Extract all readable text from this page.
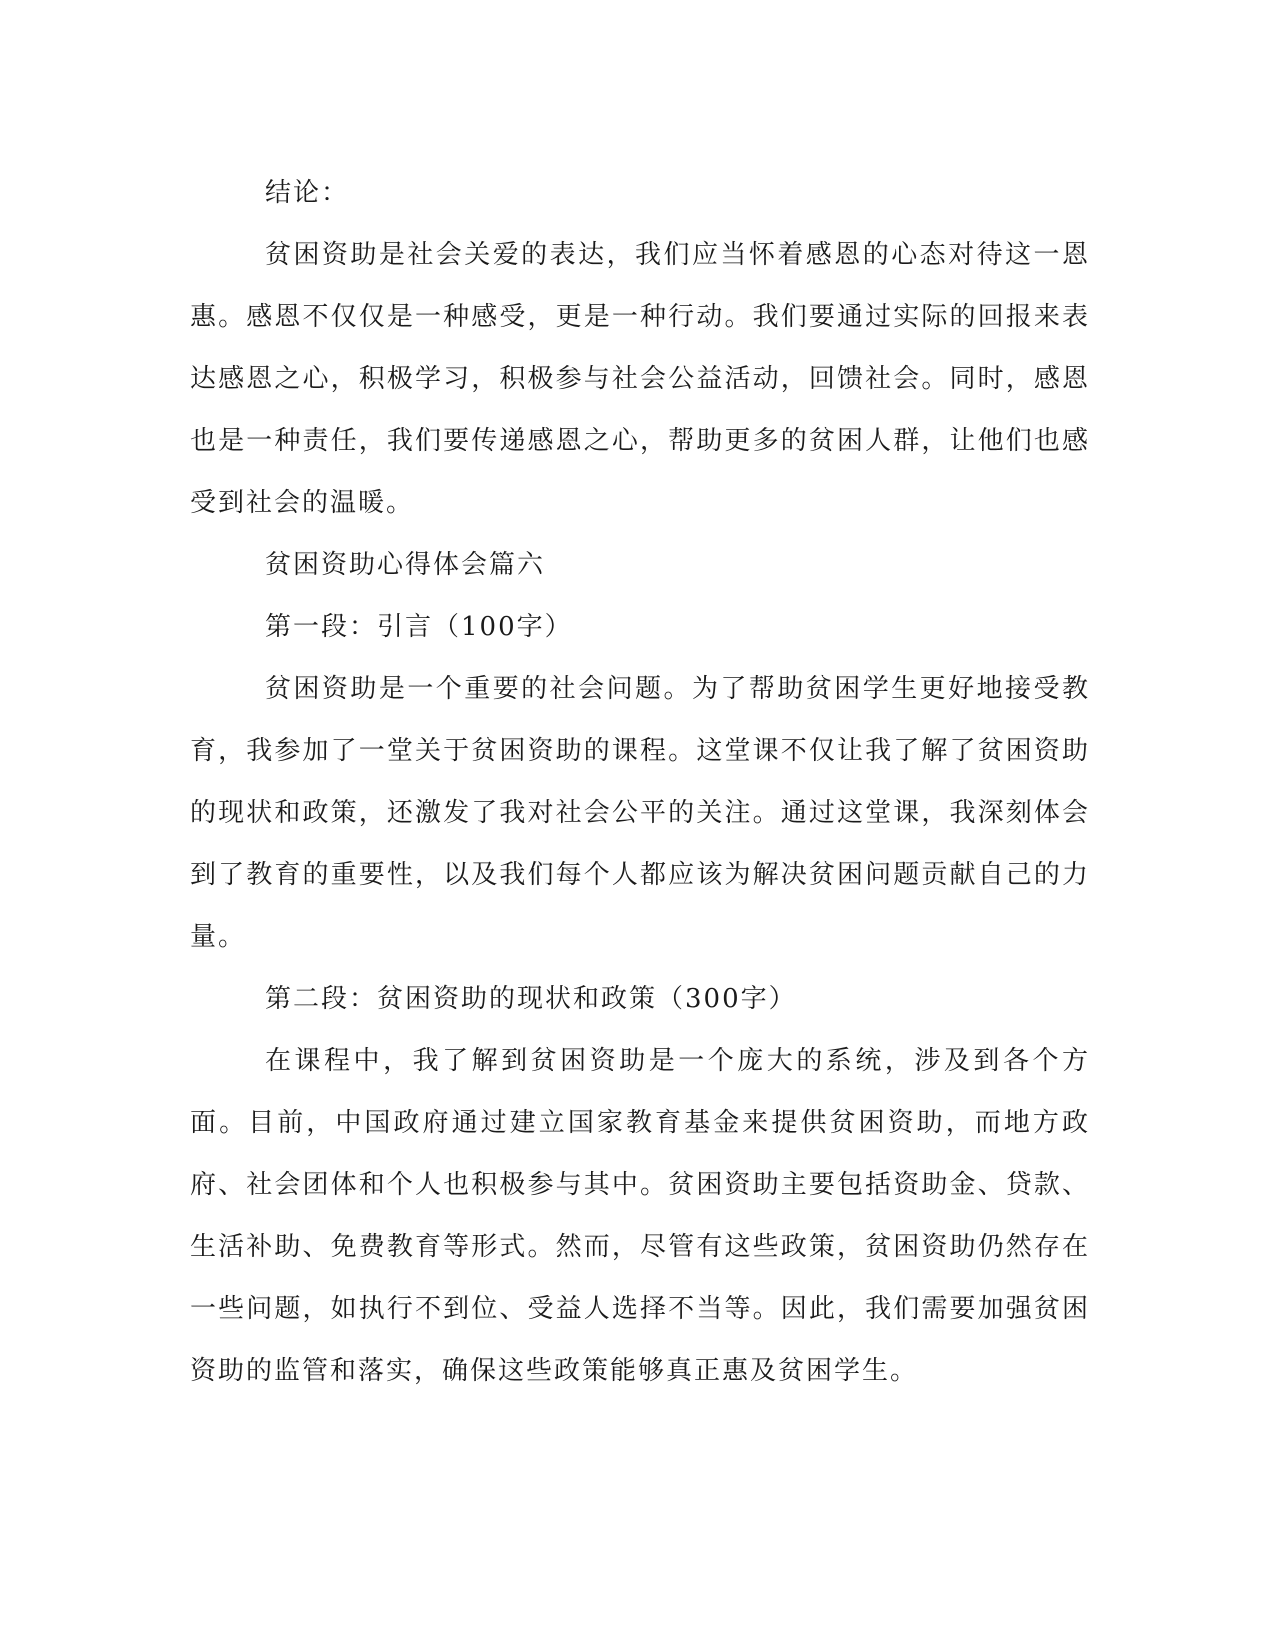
结论：

贫困资助是社会关爱的表达，我们应当怀着感恩的心态对待这一恩惠。感恩不仅仅是一种感受，更是一种行动。我们要通过实际的回报来表达感恩之心，积极学习，积极参与社会公益活动，回馈社会。同时，感恩也是一种责任，我们要传递感恩之心，帮助更多的贫困人群，让他们也感受到社会的温暖。

贫困资助心得体会篇六

第一段：引言（100字）

贫困资助是一个重要的社会问题。为了帮助贫困学生更好地接受教育，我参加了一堂关于贫困资助的课程。这堂课不仅让我了解了贫困资助的现状和政策，还激发了我对社会公平的关注。通过这堂课，我深刻体会到了教育的重要性，以及我们每个人都应该为解决贫困问题贡献自己的力量。

第二段：贫困资助的现状和政策（300字）

在课程中，我了解到贫困资助是一个庞大的系统，涉及到各个方面。目前，中国政府通过建立国家教育基金来提供贫困资助，而地方政府、社会团体和个人也积极参与其中。贫困资助主要包括资助金、贷款、生活补助、免费教育等形式。然而，尽管有这些政策，贫困资助仍然存在一些问题，如执行不到位、受益人选择不当等。因此，我们需要加强贫困资助的监管和落实，确保这些政策能够真正惠及贫困学生。
